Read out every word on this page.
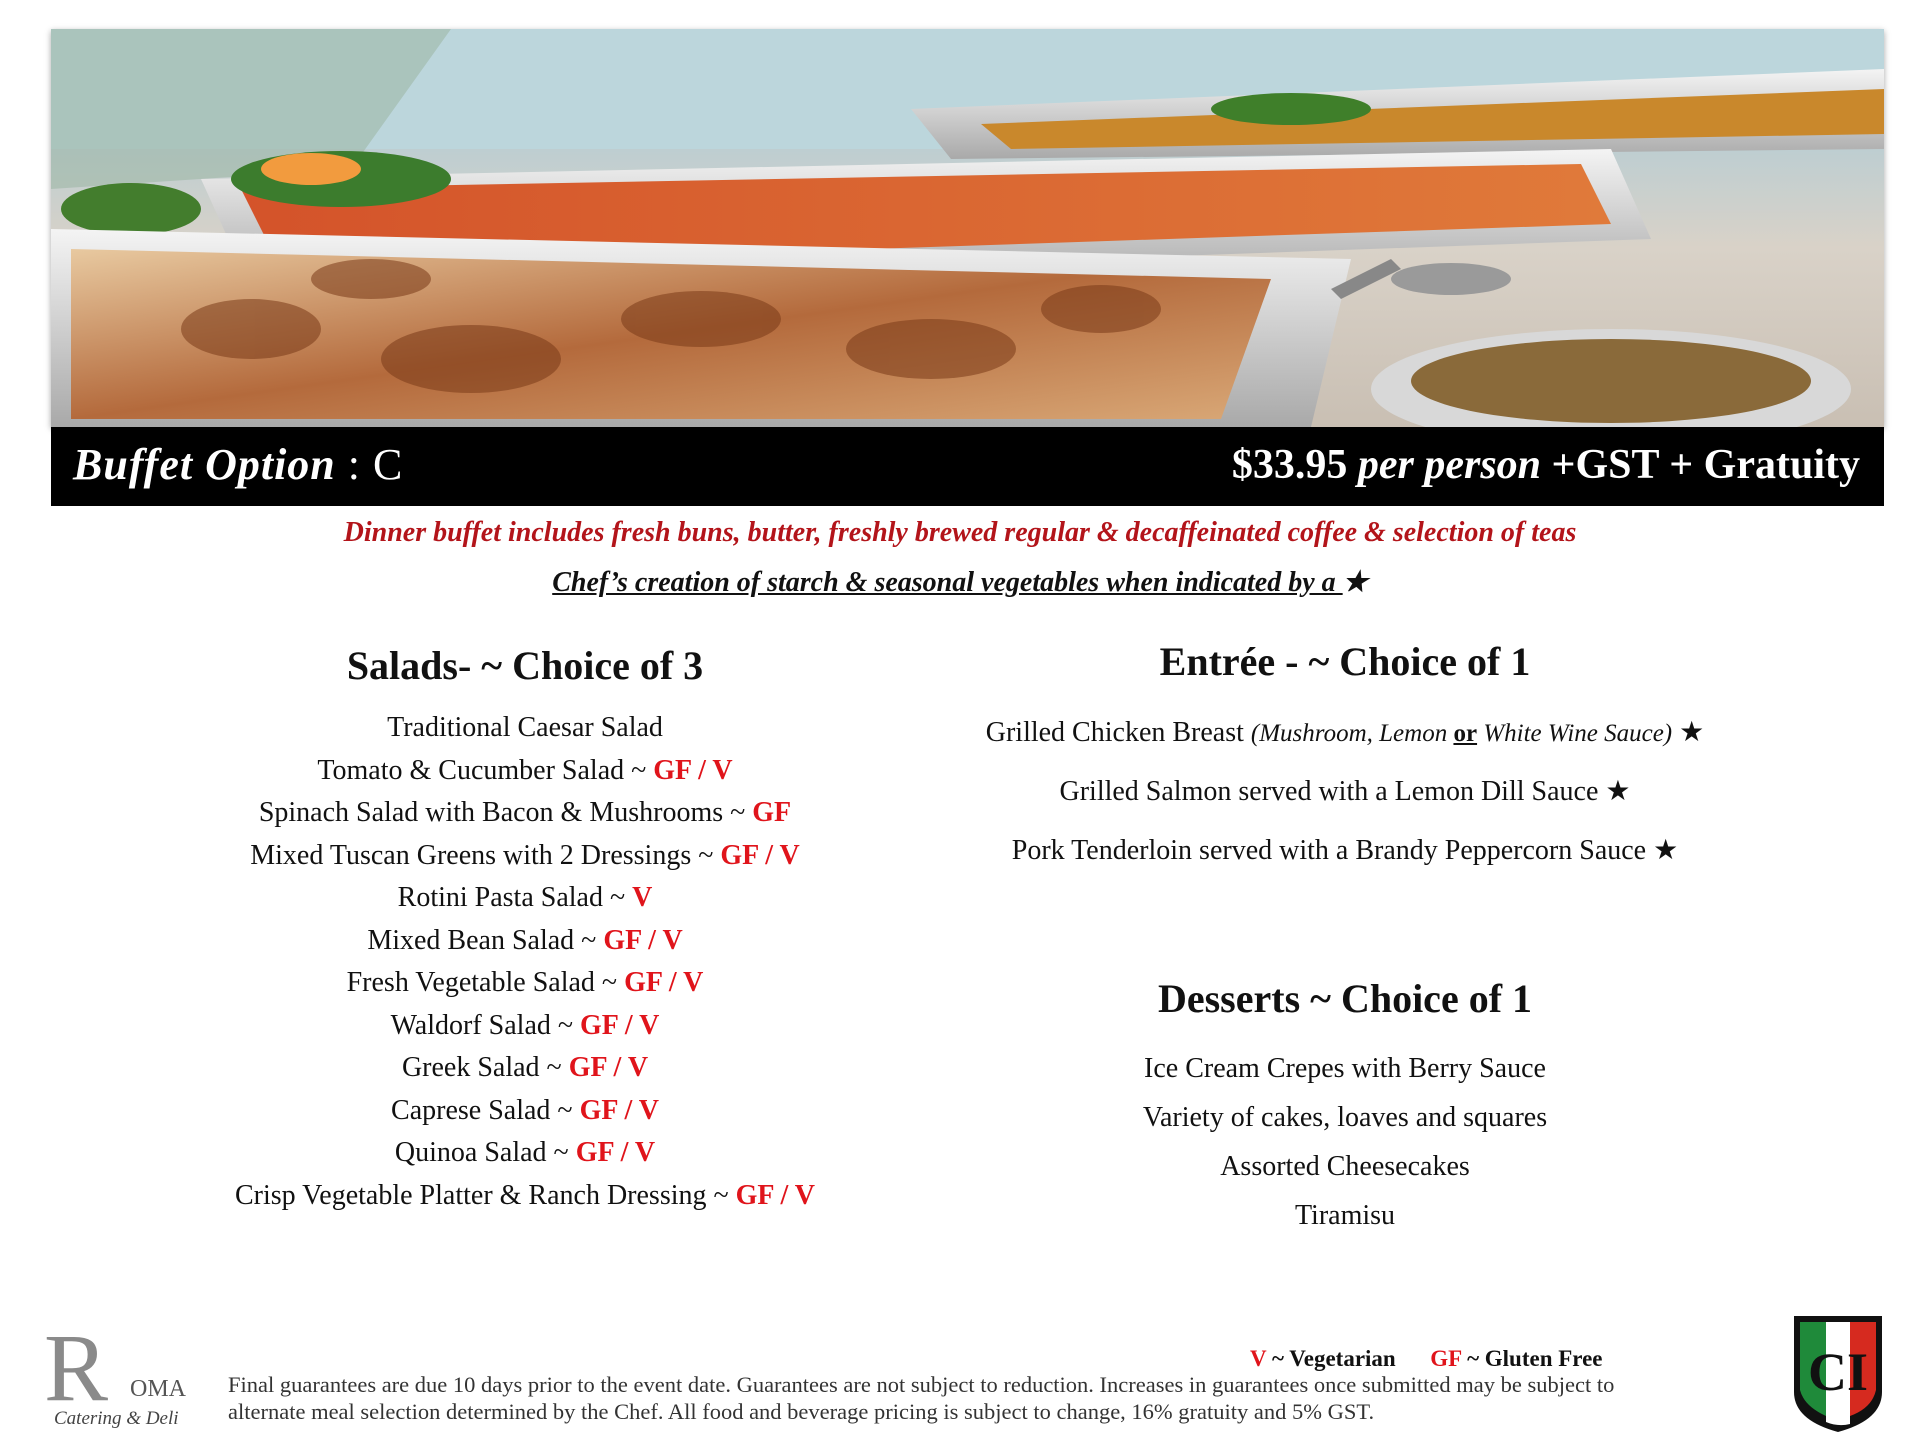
Buffet Option : C	$33.95 per person +GST + Gratuity
Dinner buffet includes fresh buns, butter, freshly brewed regular & decaffeinated coffee & selection of teas
Chef’s creation of starch & seasonal vegetables when indicated by a ★
Salads- ~ Choice of 3
Traditional Caesar Salad
Tomato & Cucumber Salad ~ GF / V
Spinach Salad with Bacon & Mushrooms ~ GF
Mixed Tuscan Greens with 2 Dressings ~ GF / V
Rotini Pasta Salad ~ V
Mixed Bean Salad ~ GF / V
Fresh Vegetable Salad ~ GF / V
Waldorf Salad ~ GF / V
Greek Salad ~ GF / V
Caprese Salad ~ GF / V
Quinoa Salad ~ GF / V
Crisp Vegetable Platter & Ranch Dressing ~ GF / V
Entrée - ~ Choice of 1
Grilled Chicken Breast (Mushroom, Lemon or White Wine Sauce) ★
Grilled Salmon served with a Lemon Dill Sauce ★
Pork Tenderloin served with a Brandy Peppercorn Sauce ★
Desserts ~ Choice of 1
Ice Cream Crepes with Berry Sauce
Variety of cakes, loaves and squares
Assorted Cheesecakes
Tiramisu
R OMA
Catering & Deli
V ~ Vegetarian GF ~ Gluten Free
Final guarantees are due 10 days prior to the event date. Guarantees are not subject to reduction. Increases in guarantees once submitted may be subject to alternate meal selection determined by the Chef. All food and beverage pricing is subject to change, 16% gratuity and 5% GST.
CI
